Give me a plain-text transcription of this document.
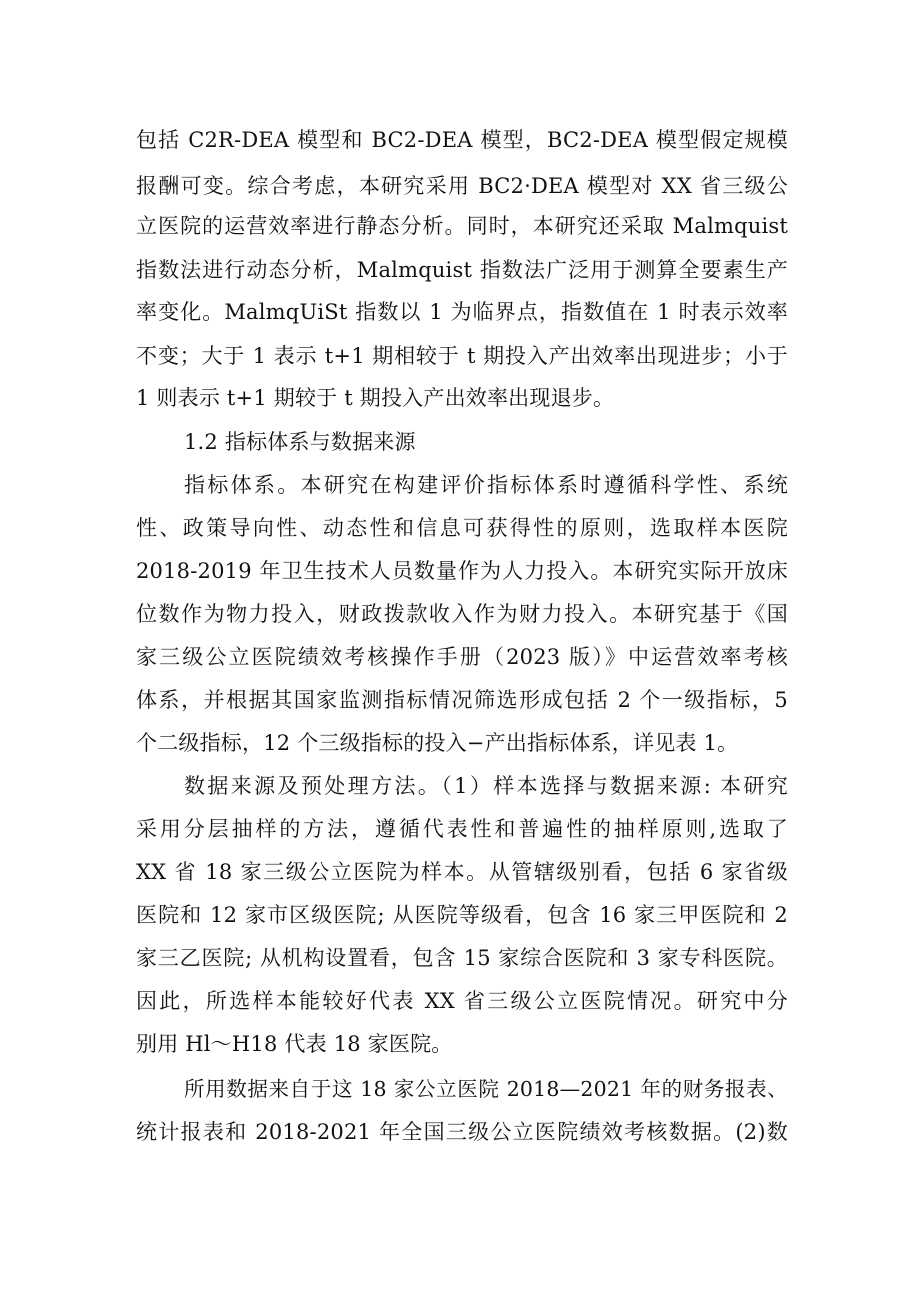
包括 C2R-DEA 模型和 BC2-DEA 模型，BC2-DEA 模型假定规模
报酬可变。综合考虑，本研究采用 BC2·DEA 模型对 XX 省三级公
立医院的运营效率进行静态分析。同时，本研究还采取 Malmquist
指数法进行动态分析，Malmquist 指数法广泛用于测算全要素生产
率变化。MalmqUiSt 指数以 1 为临界点，指数值在 1 时表示效率
不变；大于 1 表示 t+1 期相较于 t 期投入产出效率出现进步；小于
1 则表示 t+1 期较于 t 期投入产出效率出现退步。
1.2 指标体系与数据来源
指标体系。本研究在构建评价指标体系时遵循科学性、系统
性、政策导向性、动态性和信息可获得性的原则，选取样本医院
2018-2019 年卫生技术人员数量作为人力投入。本研究实际开放床
位数作为物力投入，财政拨款收入作为财力投入。本研究基于《国
家三级公立医院绩效考核操作手册（2023 版）》中运营效率考核
体系，并根据其国家监测指标情况筛选形成包括 2 个一级指标，5
个二级指标，12 个三级指标的投入−产出指标体系，详见表 1。
数据来源及预处理方法。（1）样本选择与数据来源: 本研究
采用分层抽样的方法，遵循代表性和普遍性的抽样原则,选取了
XX 省 18 家三级公立医院为样本。从管辖级别看，包括 6 家省级
医院和 12 家市区级医院; 从医院等级看，包含 16 家三甲医院和 2
家三乙医院; 从机构设置看，包含 15 家综合医院和 3 家专科医院。
因此，所选样本能较好代表 XX 省三级公立医院情况。研究中分
别用 Hl〜H18 代表 18 家医院。
所用数据来自于这 18 家公立医院 2018—2021 年的财务报表、
统计报表和 2018-2021 年全国三级公立医院绩效考核数据。(2)数
